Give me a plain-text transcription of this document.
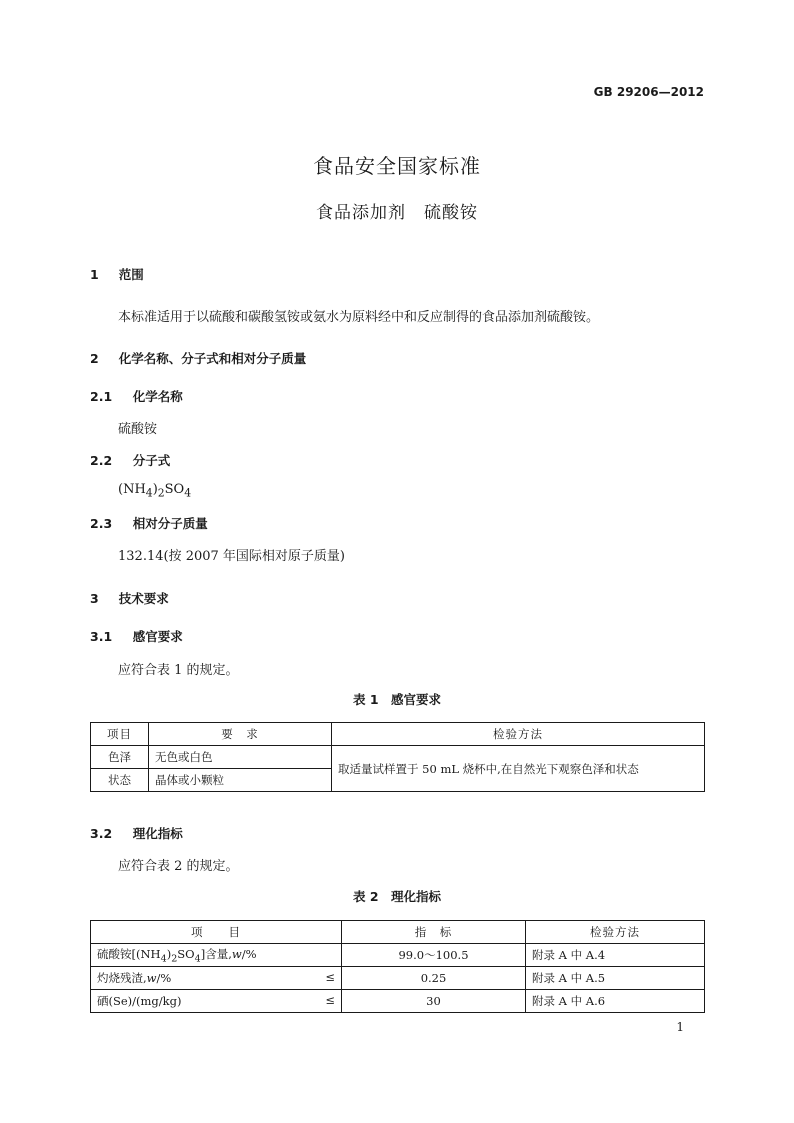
GB 29206—2012
食品安全国家标准
食品添加剂　硫酸铵
1 范围
本标准适用于以硫酸和碳酸氢铵或氨水为原料经中和反应制得的食品添加剂硫酸铵。
2 化学名称、分子式和相对分子质量
2.1 化学名称
硫酸铵
2.2 分子式
$(NH_4)_2SO_4$
2.3 相对分子质量
132.14(按 2007 年国际相对原子质量)
3 技术要求
3.1 感官要求
应符合表 1 的规定。
表 1　感官要求
项目	要　求	检验方法
色泽	无色或白色	取适量试样置于 50 mL 烧杯中,在自然光下观察色泽和状态
状态	晶体或小颗粒	
3.2 理化指标
应符合表 2 的规定。
表 2　理化指标
项　　目	指　标	检验方法
硫酸铵$[(NH_4)_2SO_4]$含量,w/%	99.0～100.5	附录 A 中 A.4
灼烧残渣,w/% ≤	0.25	附录 A 中 A.5
硒(Se)/(mg/kg) ≤	30	附录 A 中 A.6
1
